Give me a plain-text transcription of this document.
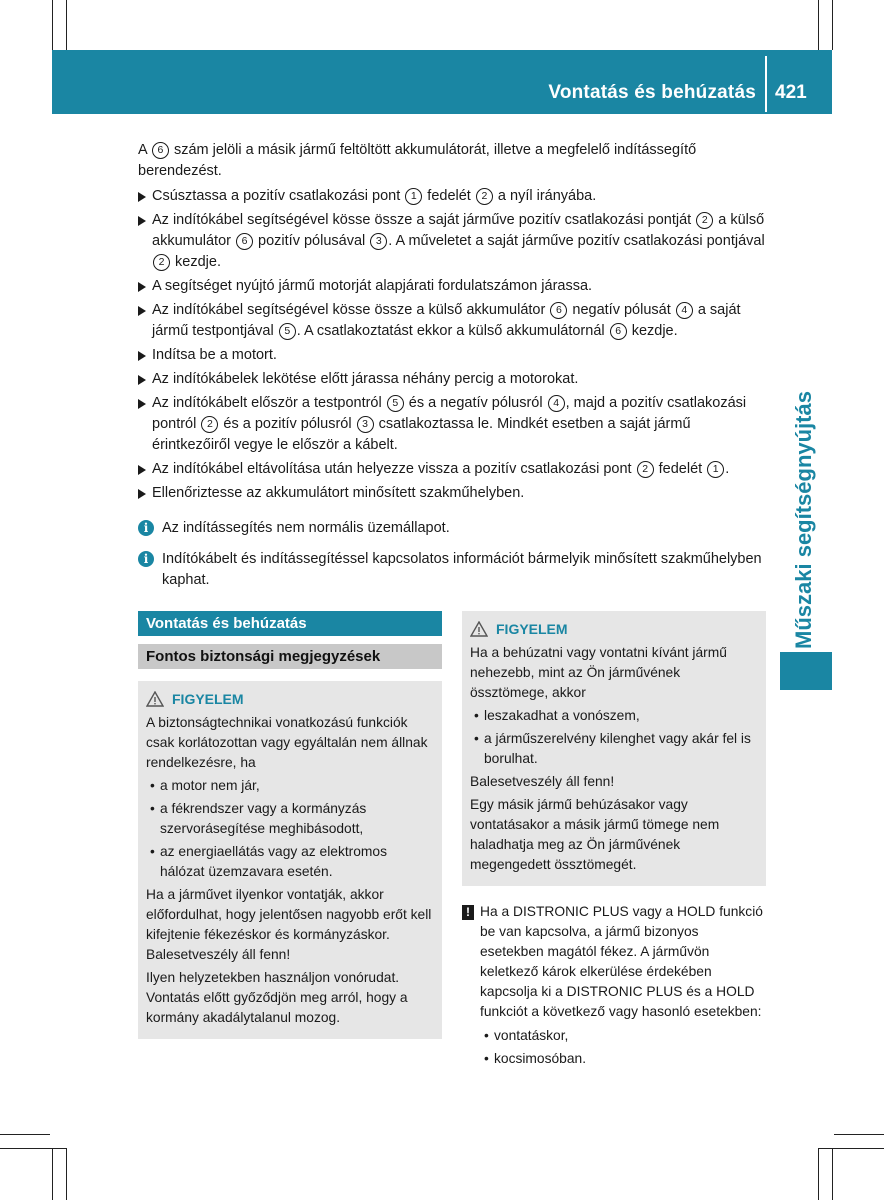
Vontatás és behúzatás 421
Műszaki segítségnyújtás

A 6 szám jelöli a másik jármű feltöltött akkumulátorát, illetve a megfelelő indítássegítő berendezést.

Csúsztassa a pozitív csatlakozási pont 1 fedelét 2 a nyíl irányába.
Az indítókábel segítségével kösse össze a saját járműve pozitív csatlakozási pontját 2 a külső akkumulátor 6 pozitív pólusával 3 . A műveletet a saját járműve pozitív csatlakozási pontjával 2 kezdje.
A segítséget nyújtó jármű motorját alapjárati fordulatszámon járassa.
Az indítókábel segítségével kösse össze a külső akkumulátor 6 negatív pólusát 4 a saját jármű testpontjával 5 . A csatlakoztatást ekkor a külső akkumulátornál 6 kezdje.
Indítsa be a motort.
Az indítókábelek lekötése előtt járassa néhány percig a motorokat.
Az indítókábelt először a testpontról 5 és a negatív pólusról 4 , majd a pozitív csatlakozási pontról 2 és a pozitív pólusról 3 csatlakoztassa le. Mindkét esetben a saját jármű érintkezőiről vegye le először a kábelt.
Az indítókábel eltávolítása után helyezze vissza a pozitív csatlakozási pont 2 fedelét 1 .
Ellenőriztesse az akkumulátort minősített szakműhelyben.
i Az indítássegítés nem normális üzemállapot.
i Indítókábelt és indítássegítéssel kapcsolatos információt bármelyik minősített szakműhelyben kaphat.
Vontatás és behúzatás
Fontos biztonsági megjegyzések
FIGYELEM

A biztonságtechnikai vonatkozású funkciók csak korlátozottan vagy egyáltalán nem állnak rendelkezésre, ha

• a motor nem jár,
• a fékrendszer vagy a kormányzás szervorásegítése meghibásodott,
• az energiaellátás vagy az elektromos hálózat üzemzavara esetén.

Ha a járművet ilyenkor vontatják, akkor előfordulhat, hogy jelentősen nagyobb erőt kell kifejtenie fékezéskor és kormányzáskor. Balesetveszély áll fenn!

Ilyen helyzetekben használjon vonórudat. Vontatás előtt győződjön meg arról, hogy a kormány akadálytalanul mozog.

FIGYELEM

Ha a behúzatni vagy vontatni kívánt jármű nehezebb, mint az Ön járművének össztömege, akkor

• leszakadhat a vonószem,
• a járműszerelvény kilenghet vagy akár fel is borulhat.

Balesetveszély áll fenn!

Egy másik jármű behúzásakor vagy vontatásakor a másik jármű tömege nem haladhatja meg az Ön járművének megengedett össztömegét.

! Ha a DISTRONIC PLUS vagy a HOLD funkció be van kapcsolva, a jármű bizonyos esetekben magától fékez. A járművön keletkező károk elkerülése érdekében kapcsolja ki a DISTRONIC PLUS és a HOLD funkciót a következő vagy hasonló esetekben:

• vontatáskor,
• kocsimosóban.
